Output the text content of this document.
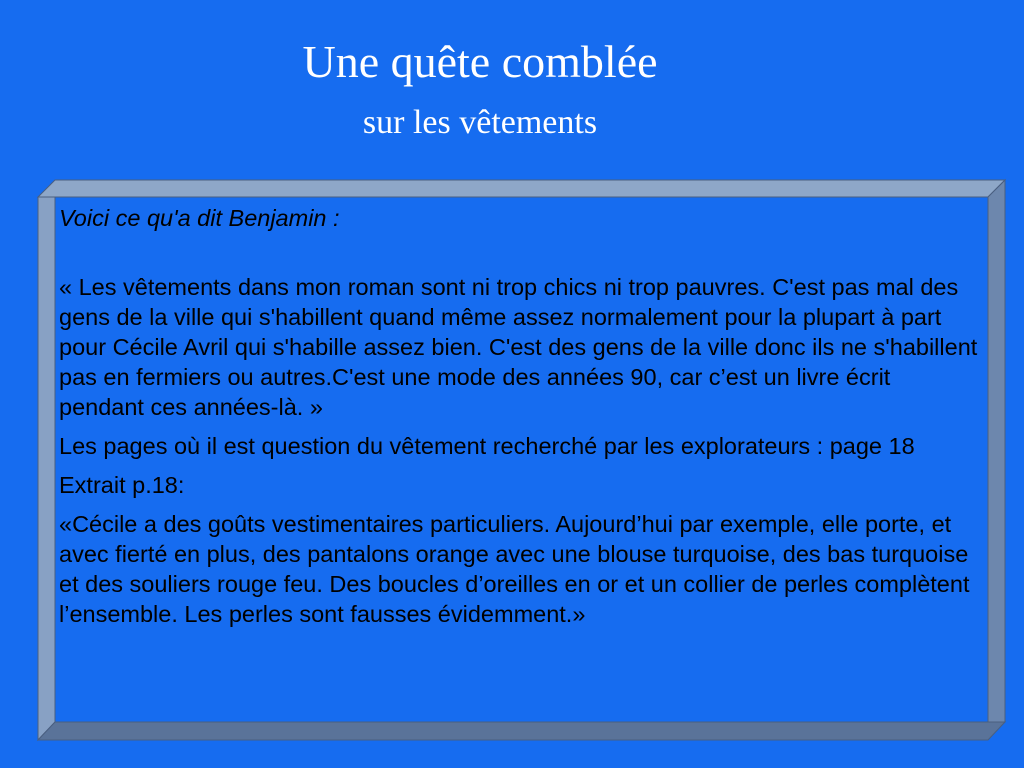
Une quête comblée
sur les vêtements

Voici ce qu'a dit Benjamin :

« Les vêtements dans mon roman sont ni trop chics ni trop pauvres. C'est pas mal des gens de la ville qui s'habillent quand même assez normalement pour la plupart à part pour Cécile Avril qui s'habille assez bien. C'est des gens de la ville donc ils ne s'habillent pas en fermiers ou autres.C'est une mode des années 90, car c’est un livre écrit pendant ces années-là. »

Les pages où il est question du vêtement recherché par les explorateurs : page 18

Extrait p.18:

«Cécile a des goûts vestimentaires particuliers. Aujourd’hui par exemple, elle porte, et avec fierté en plus, des pantalons orange avec une blouse turquoise, des bas turquoise et des souliers rouge feu. Des boucles d’oreilles en or et un collier de perles complètent l’ensemble. Les perles sont fausses évidemment.»
